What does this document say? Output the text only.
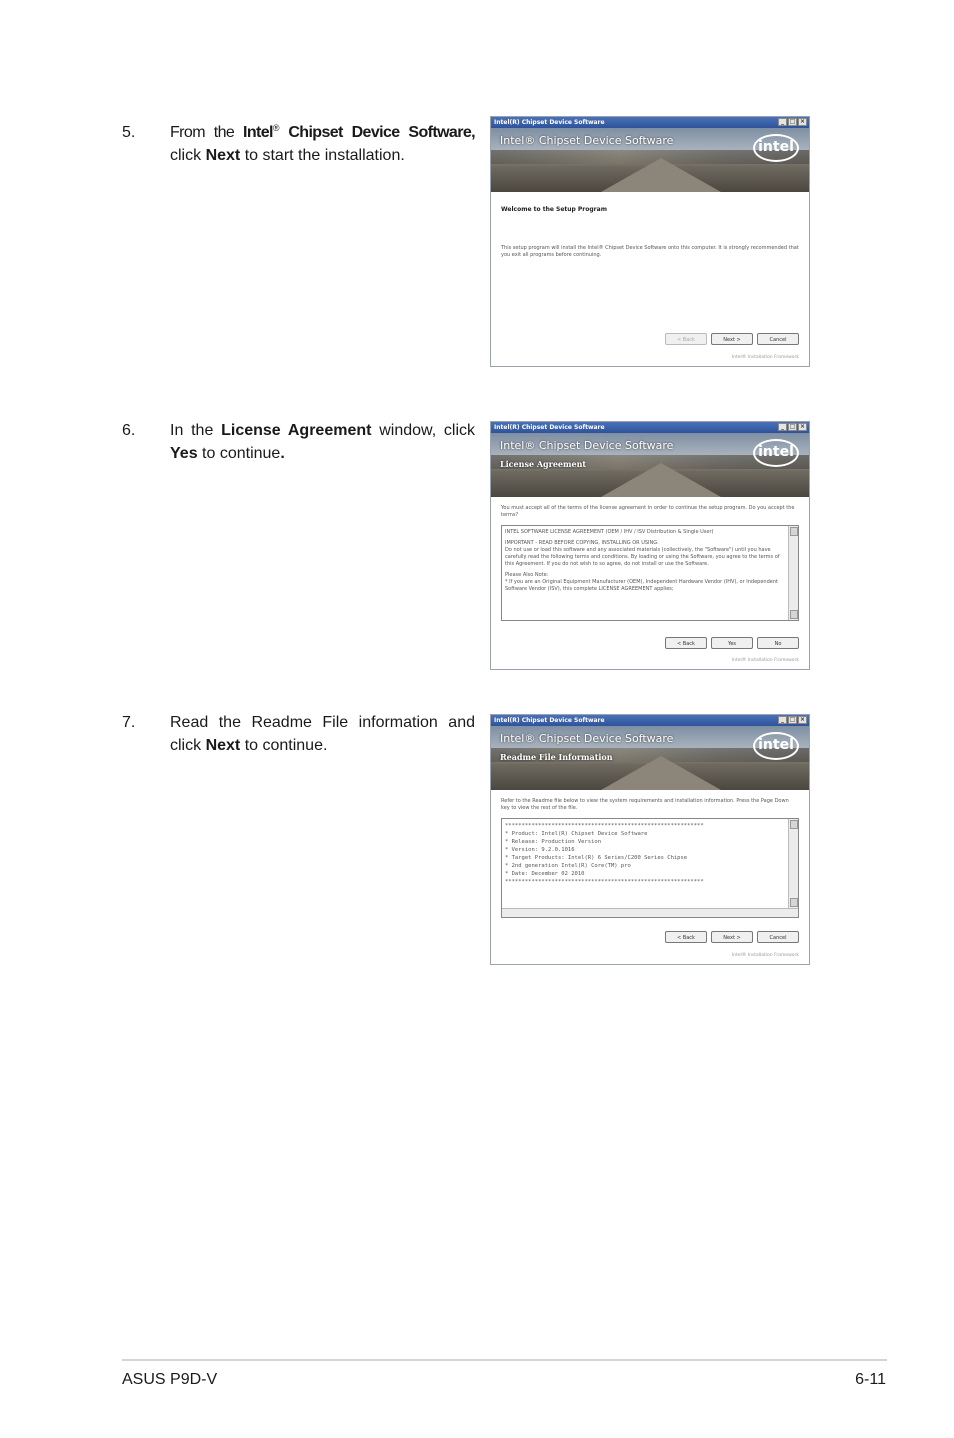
5. From the Intel® Chipset Device Software, click Next to start the installation.
6. In the License Agreement window, click Yes to continue.
7. Read the Readme File information and click Next to continue.
Intel(R) Chipset Device Software	_ □ ×
Intel® Chipset Device Software	intel
Welcome to the Setup Program
This setup program will install the Intel® Chipset Device Software onto this computer. It is strongly recommended that you exit all programs before continuing.
< Back	Next >	Cancel
Intel® Installation Framework
Intel(R) Chipset Device Software	_ □ ×
Intel® Chipset Device Software
License Agreement
intel
You must accept all of the terms of the license agreement in order to continue the setup program. Do you accept the terms?
INTEL SOFTWARE LICENSE AGREEMENT (OEM / IHV / ISV Distribution & Single User)
IMPORTANT - READ BEFORE COPYING, INSTALLING OR USING.
Do not use or load this software and any associated materials (collectively, the "Software") until you have carefully read the following terms and conditions. By loading or using the Software, you agree to the terms of this Agreement. If you do not wish to so agree, do not install or use the Software.
Please Also Note:
* If you are an Original Equipment Manufacturer (OEM), Independent Hardware Vendor (IHV), or Independent Software Vendor (ISV), this complete LICENSE AGREEMENT applies;
< Back	Yes	No
Intel® Installation Framework
Intel(R) Chipset Device Software	_ □ ×
Intel® Chipset Device Software
Readme File Information
intel
Refer to the Readme file below to view the system requirements and installation information. Press the Page Down key to view the rest of the file.
************************************************************
* Product: Intel(R) Chipset Device Software
* Release: Production Version
* Version: 9.2.0.1016
* Target Products: Intel(R) 6 Series/C200 Series Chipse
* 2nd generation Intel(R) Core(TM) pro
* Date: December 02 2010
************************************************************
< Back	Next >	Cancel
Intel® Installation Framework
ASUS P9D-V	6-11
